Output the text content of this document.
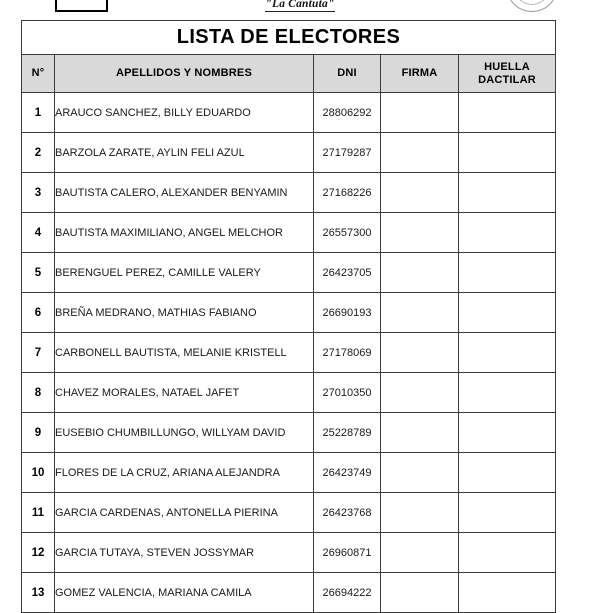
"La Cantuta"
LISTA DE ELECTORES				
N°	APELLIDOS Y NOMBRES	DNI	FIRMA	HUELLA
DACTILAR

1	ARAUCO SANCHEZ, BILLY EDUARDO	28806292		
2	BARZOLA ZARATE, AYLIN FELI AZUL	27179287		
3	BAUTISTA CALERO, ALEXANDER BENYAMIN	27168226		
4	BAUTISTA MAXIMILIANO, ANGEL MELCHOR	26557300		
5	BERENGUEL PEREZ, CAMILLE VALERY	26423705		
6	BREÑA MEDRANO, MATHIAS FABIANO	26690193		
7	CARBONELL BAUTISTA, MELANIE KRISTELL	27178069		
8	CHAVEZ MORALES, NATAEL JAFET	27010350		
9	EUSEBIO CHUMBILLUNGO, WILLYAM DAVID	25228789		
10	FLORES DE LA CRUZ, ARIANA ALEJANDRA	26423749		
11	GARCIA CARDENAS, ANTONELLA PIERINA	26423768		
12	GARCIA TUTAYA, STEVEN JOSSYMAR	26960871		
13	GOMEZ VALENCIA, MARIANA CAMILA	26694222		
